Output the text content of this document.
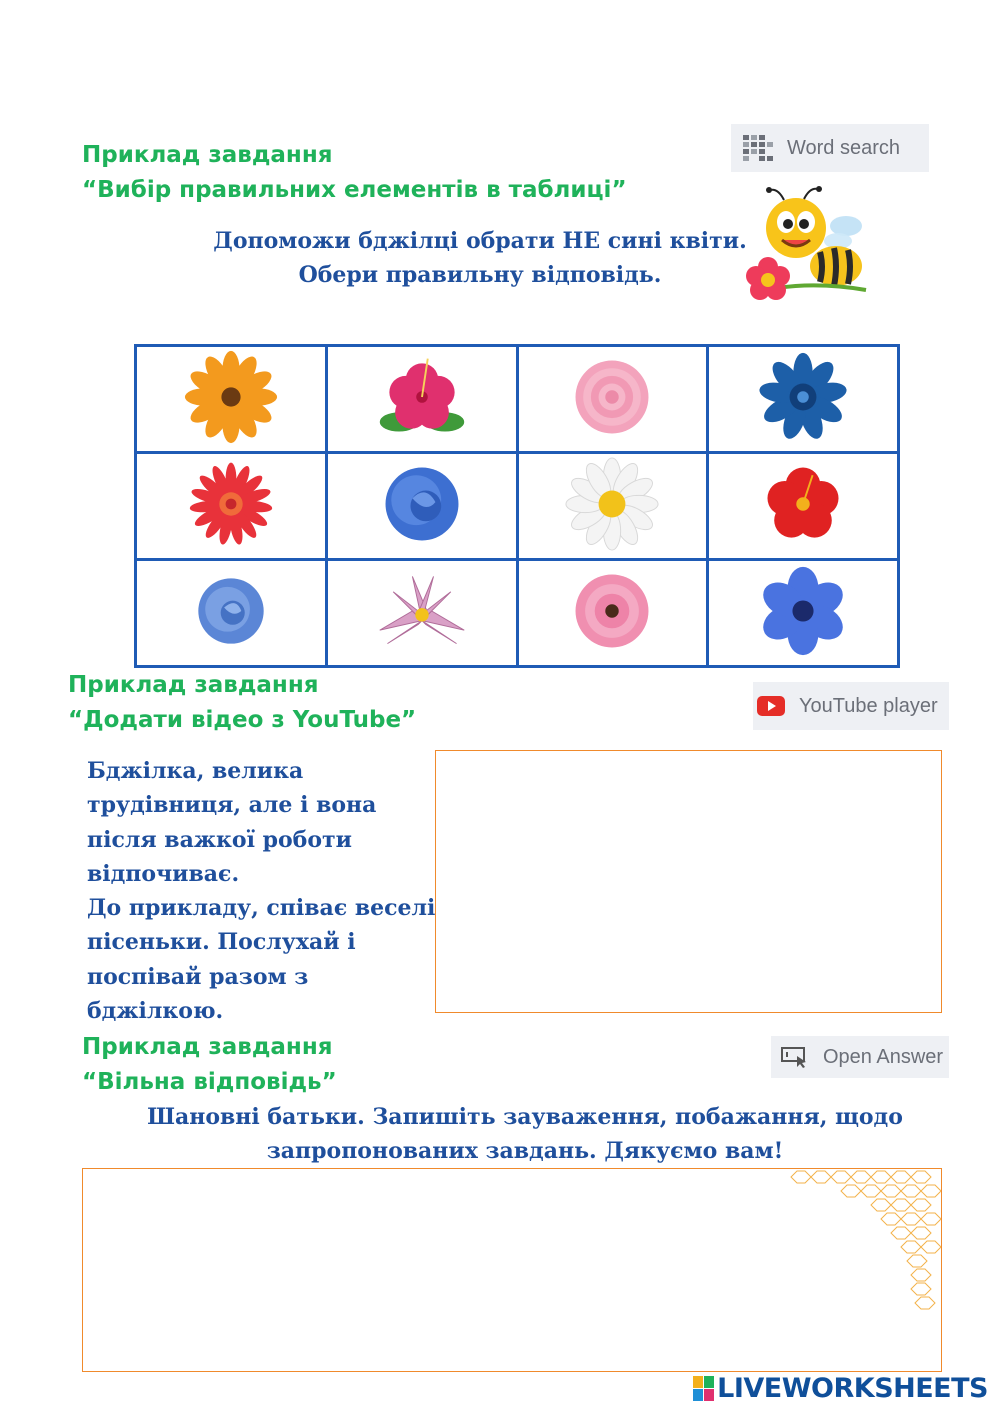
Приклад завдання
“Вибір правильних елементів в таблиці”
Word search
Допоможи бджілці обрати НЕ сині квіти.
Обери правильну відповідь.

Приклад завдання
“Додати відео з YouTube”
YouTube player
Бджілка, велика
трудівниця, але і вона
після важкої роботи
відпочиває.
До прикладу, співає веселі
пісеньки. Послухай і
поспівай разом з
бджілкою.
Приклад завдання
“Вільна відповідь”
Open Answer
Шановні батьки. Запишіть зауваження, побажання, щодо
запропонованих завдань. Дякуємо вам!
LIVEWORKSHEETS
